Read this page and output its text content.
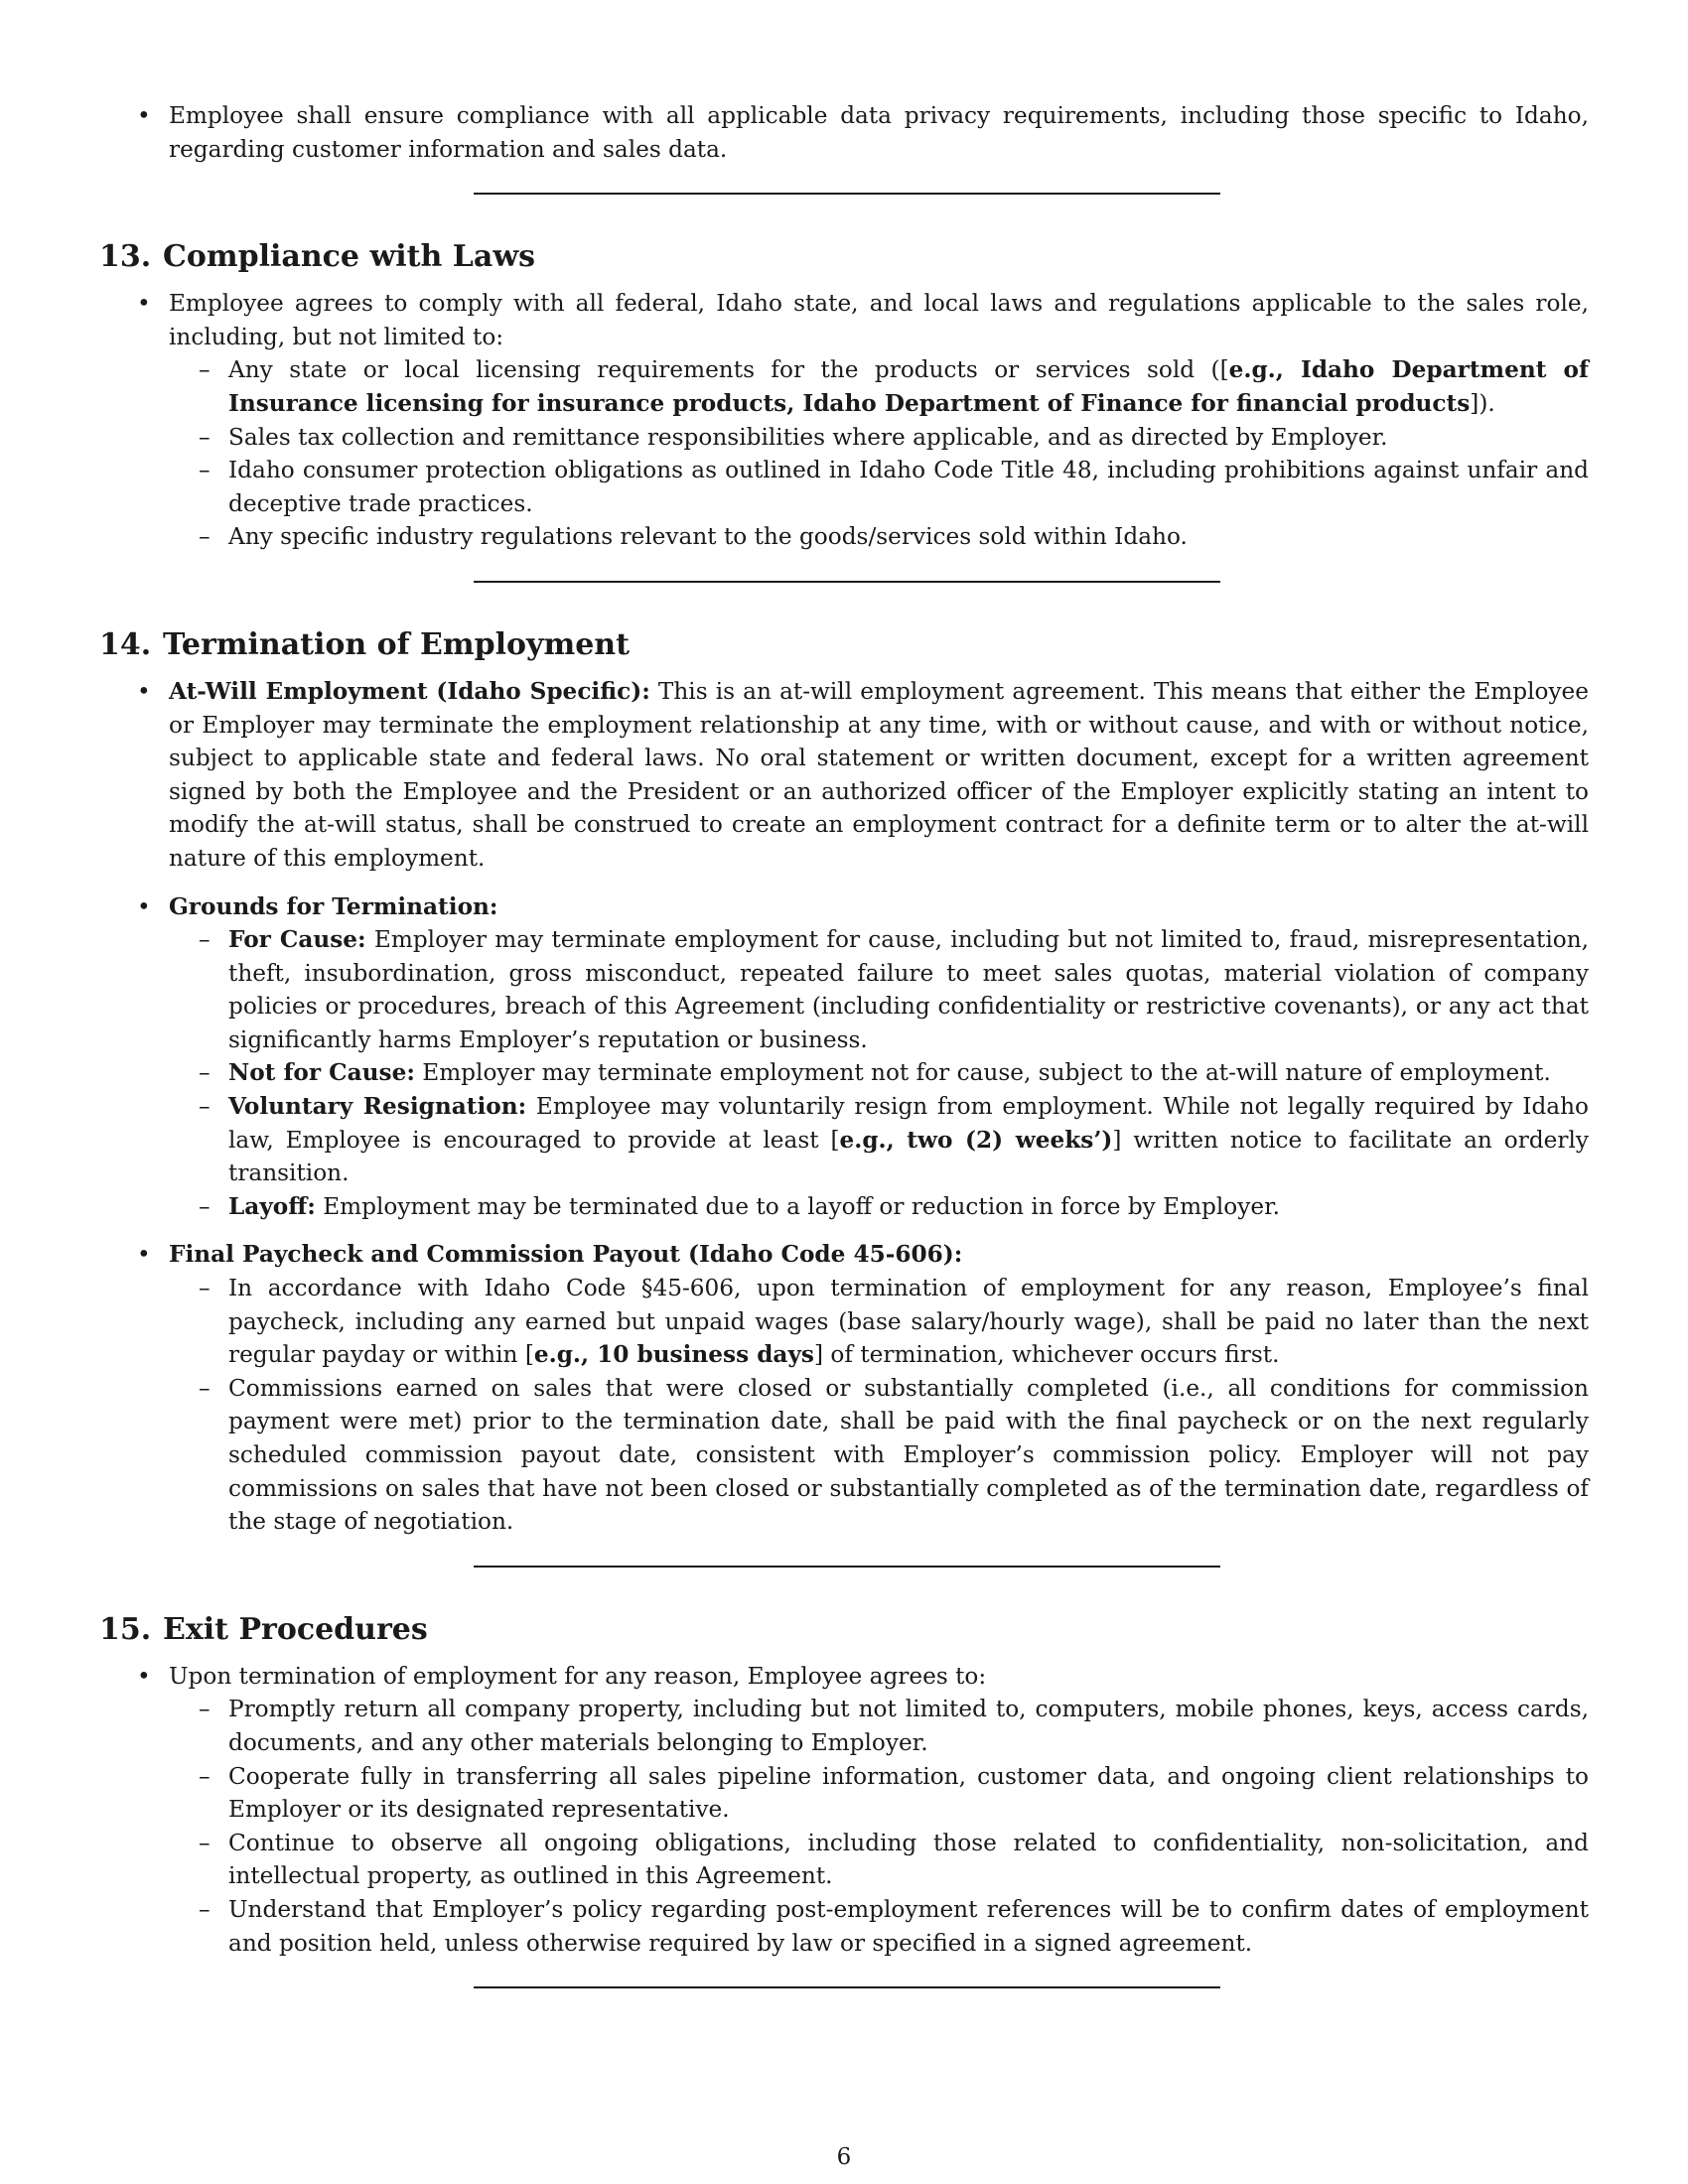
• Employee shall ensure compliance with all applicable data privacy requirements, including those specific to Idaho, regarding customer information and sales data.
13. Compliance with Laws
• Employee agrees to comply with all federal, Idaho state, and local laws and regulations applicable to the sales role, including, but not limited to:
– Any state or local licensing requirements for the products or services sold ([e.g., Idaho Department of Insurance licensing for insurance products, Idaho Department of Finance for financial products]).
– Sales tax collection and remittance responsibilities where applicable, and as directed by Employer.
– Idaho consumer protection obligations as outlined in Idaho Code Title 48, including prohibitions against unfair and deceptive trade practices.
– Any specific industry regulations relevant to the goods/services sold within Idaho.
14. Termination of Employment
• At-Will Employment (Idaho Specific): This is an at-will employment agreement. This means that either the Employee or Employer may terminate the employment relationship at any time, with or without cause, and with or without notice, subject to applicable state and federal laws. No oral statement or written document, except for a written agreement signed by both the Employee and the President or an authorized officer of the Employer explicitly stating an intent to modify the at-will status, shall be construed to create an employment contract for a definite term or to alter the at-will nature of this employment.
• Grounds for Termination:
– For Cause: Employer may terminate employment for cause, including but not limited to, fraud, misrepresentation, theft, insubordination, gross misconduct, repeated failure to meet sales quotas, material violation of company policies or procedures, breach of this Agreement (including confidentiality or restrictive covenants), or any act that significantly harms Employer’s reputation or business.
– Not for Cause: Employer may terminate employment not for cause, subject to the at-will nature of employment.
– Voluntary Resignation: Employee may voluntarily resign from employment. While not legally required by Idaho law, Employee is encouraged to provide at least [e.g., two (2) weeks’)] written notice to facilitate an orderly transition.
– Layoff: Employment may be terminated due to a layoff or reduction in force by Employer.
• Final Paycheck and Commission Payout (Idaho Code 45-606):
– In accordance with Idaho Code §45-606, upon termination of employment for any reason, Employee’s final paycheck, including any earned but unpaid wages (base salary/hourly wage), shall be paid no later than the next regular payday or within [e.g., 10 business days] of termination, whichever occurs first.
– Commissions earned on sales that were closed or substantially completed (i.e., all conditions for commission payment were met) prior to the termination date, shall be paid with the final paycheck or on the next regularly scheduled commission payout date, consistent with Employer’s commission policy. Employer will not pay commissions on sales that have not been closed or substantially completed as of the termination date, regardless of the stage of negotiation.
15. Exit Procedures
• Upon termination of employment for any reason, Employee agrees to:
– Promptly return all company property, including but not limited to, computers, mobile phones, keys, access cards, documents, and any other materials belonging to Employer.
– Cooperate fully in transferring all sales pipeline information, customer data, and ongoing client relationships to Employer or its designated representative.
– Continue to observe all ongoing obligations, including those related to confidentiality, non-solicitation, and intellectual property, as outlined in this Agreement.
– Understand that Employer’s policy regarding post-employment references will be to confirm dates of employment and position held, unless otherwise required by law or specified in a signed agreement.
6
